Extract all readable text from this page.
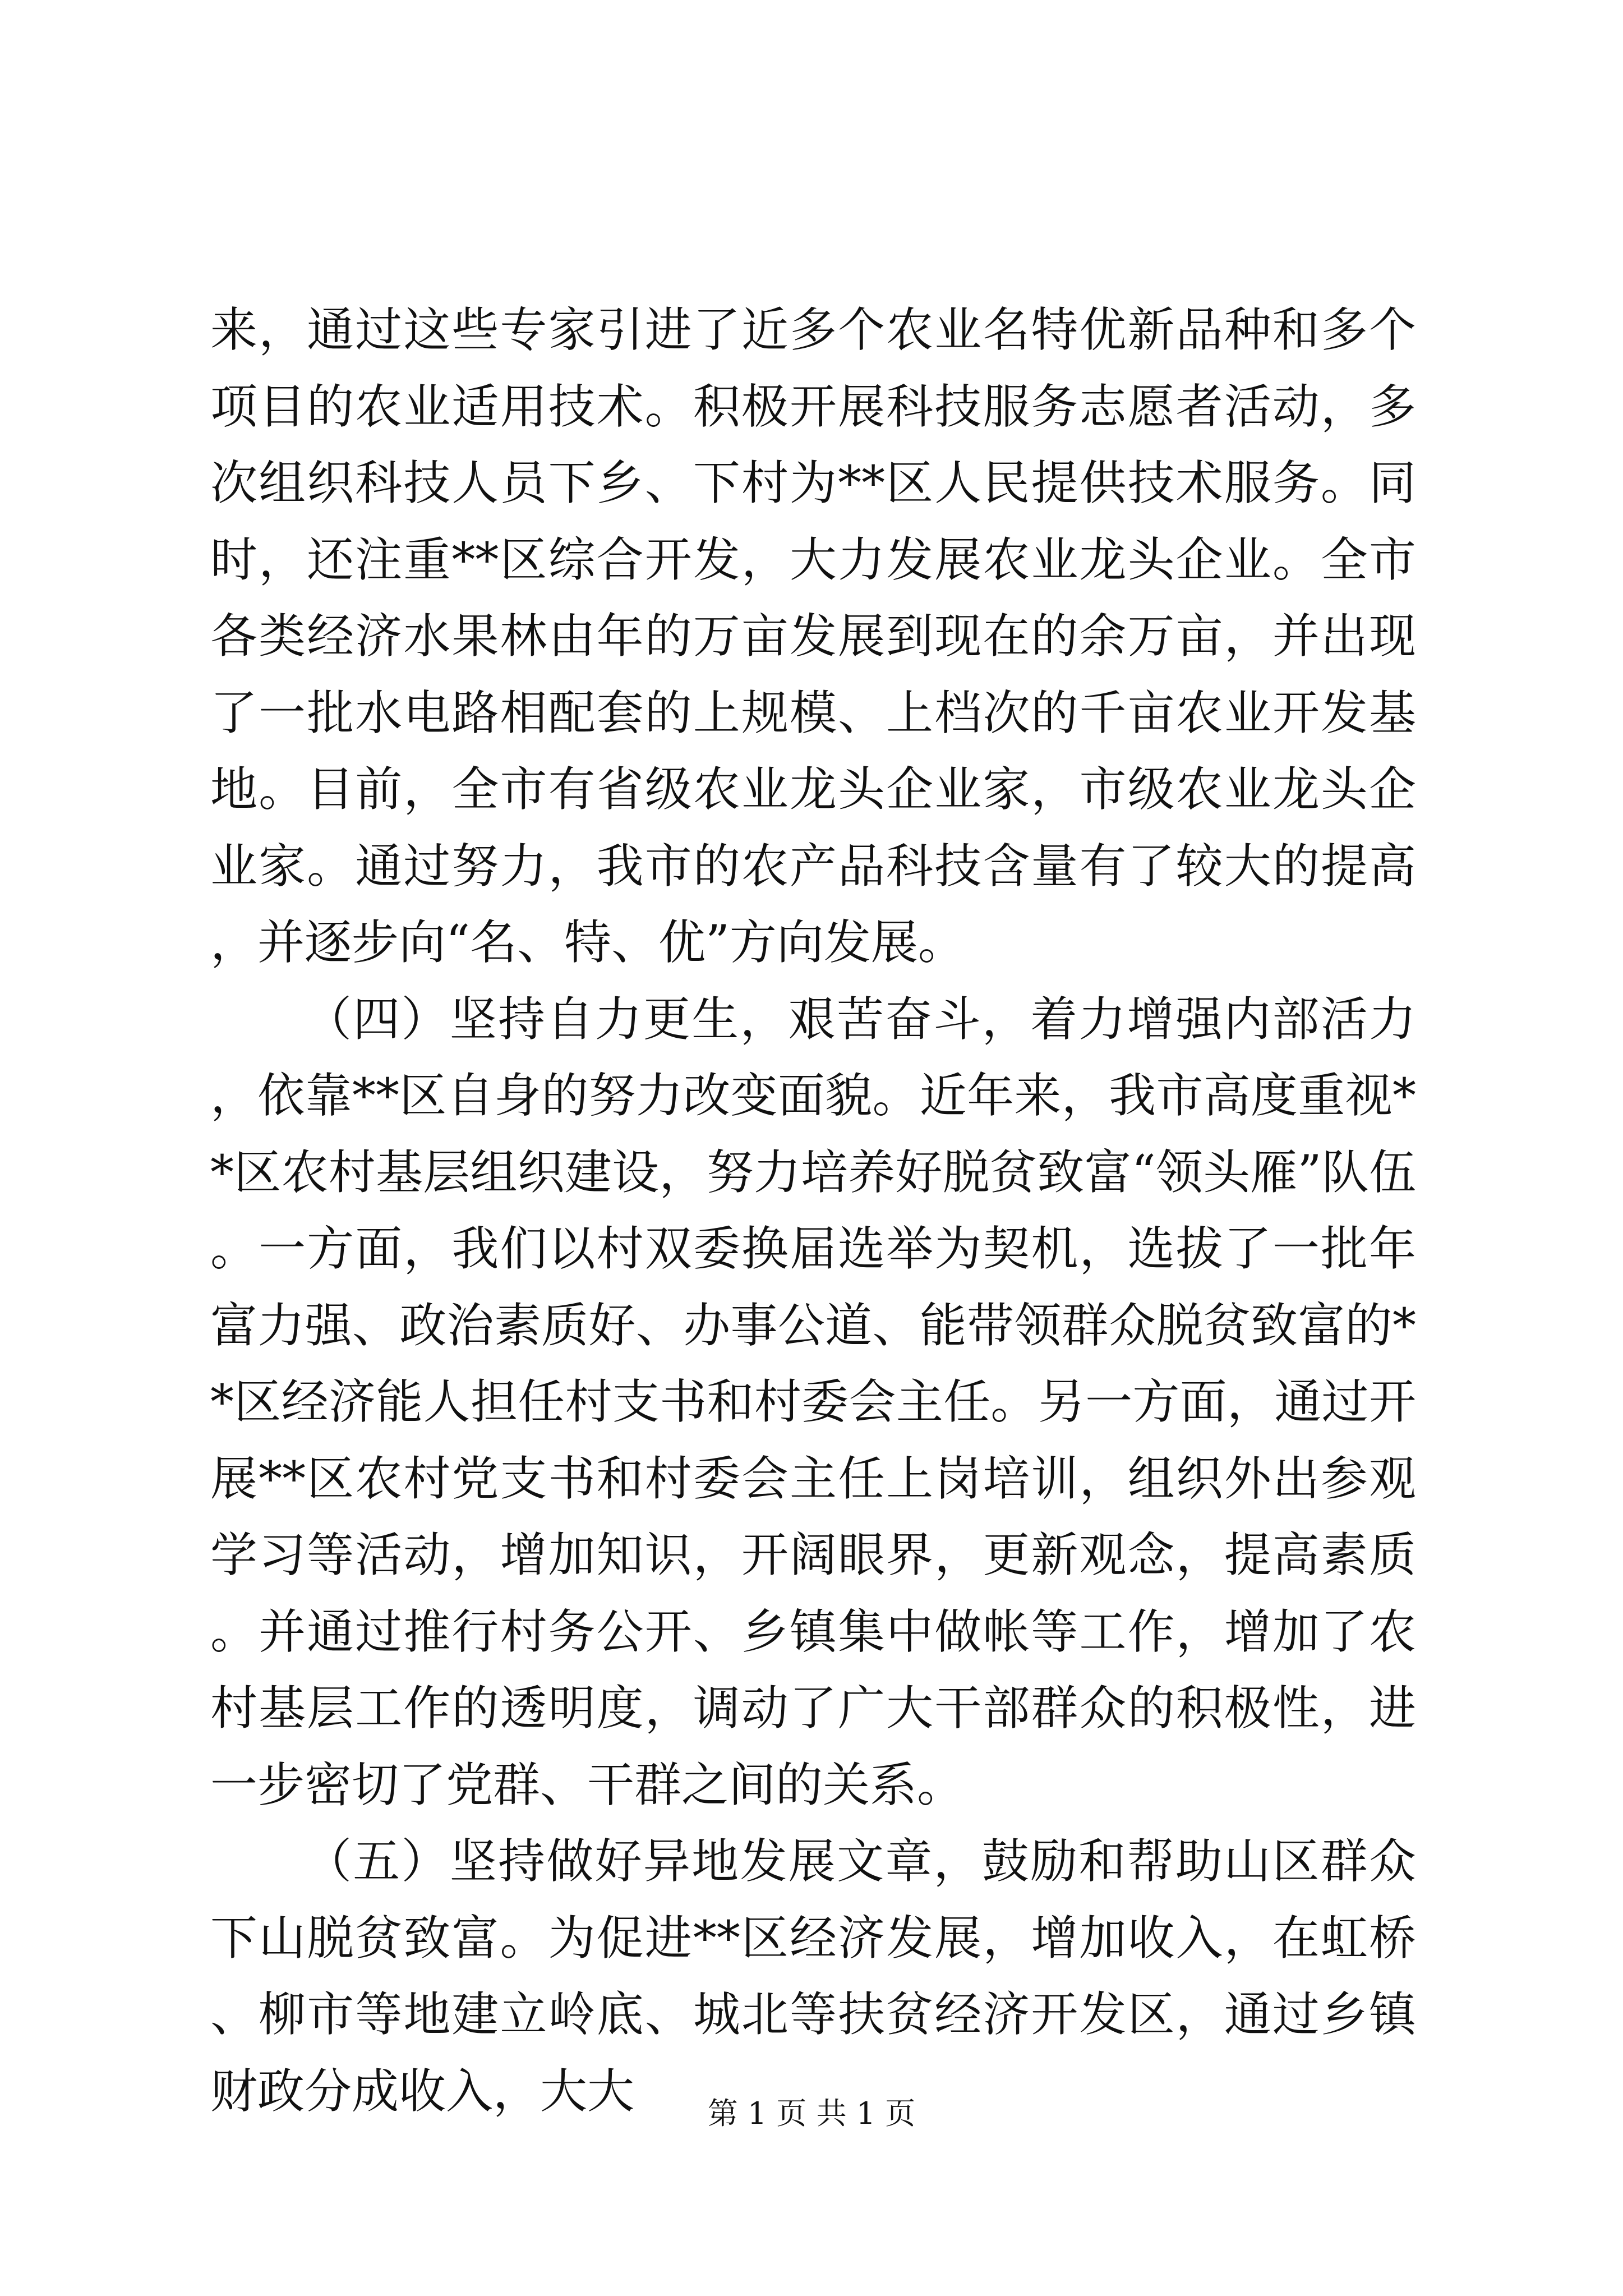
来，通过这些专家引进了近多个农业名特优新品种和多个项目的农业适用技术。积极开展科技服务志愿者活动，多次组织科技人员下乡、下村为**区人民提供技术服务。同时，还注重**区综合开发，大力发展农业龙头企业。全市各类经济水果林由年的万亩发展到现在的余万亩，并出现了一批水电路相配套的上规模、上档次的千亩农业开发基地。目前，全市有省级农业龙头企业家，市级农业龙头企业家。通过努力，我市的农产品科技含量有了较大的提高，并逐步向“名、特、优”方向发展。

（四）坚持自力更生，艰苦奋斗，着力增强内部活力，依靠**区自身的努力改变面貌。近年来，我市高度重视**区农村基层组织建设，努力培养好脱贫致富“领头雁”队伍。一方面，我们以村双委换届选举为契机，选拔了一批年富力强、政治素质好、办事公道、能带领群众脱贫致富的**区经济能人担任村支书和村委会主任。另一方面，通过开展**区农村党支书和村委会主任上岗培训，组织外出参观学习等活动，增加知识，开阔眼界，更新观念，提高素质。并通过推行村务公开、乡镇集中做帐等工作，增加了农村基层工作的透明度，调动了广大干部群众的积极性，进一步密切了党群、干群之间的关系。

（五）坚持做好异地发展文章，鼓励和帮助山区群众下山脱贫致富。为促进**区经济发展，增加收入，在虹桥、柳市等地建立岭底、城北等扶贫经济开发区，通过乡镇财政分成收入，大大	第 1 页 共 1 页
